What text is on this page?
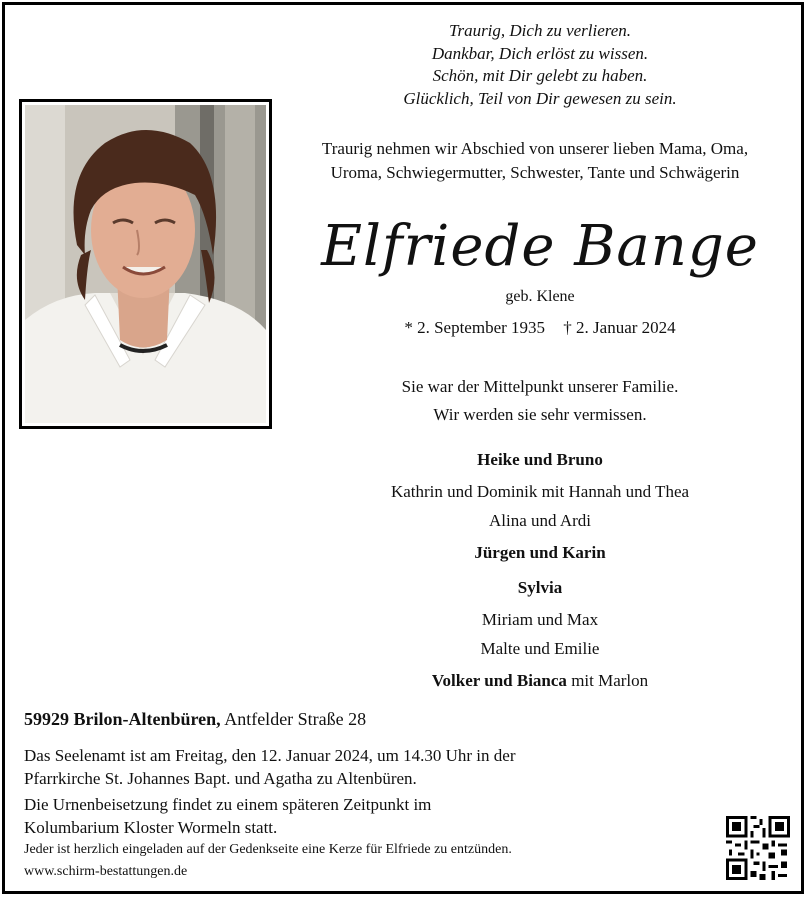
Traurig, Dich zu verlieren.
Dankbar, Dich erlöst zu wissen.
Schön, mit Dir gelebt zu haben.
Glücklich, Teil von Dir gewesen zu sein.
Traurig nehmen wir Abschied von unserer lieben Mama, Oma,
Uroma, Schwiegermutter, Schwester, Tante und Schwägerin
Elfriede Bange
geb. Klene
* 2. September 1935 † 2. Januar 2024
Sie war der Mittelpunkt unserer Familie.
Wir werden sie sehr vermissen.
Heike und Bruno
Kathrin und Dominik mit Hannah und Thea
Alina und Ardi
Jürgen und Karin
Sylvia
Miriam und Max
Malte und Emilie
Volker und Bianca mit Marlon
59929 Brilon-Altenbüren, Antfelder Straße 28

Das Seelenamt ist am Freitag, den 12. Januar 2024, um 14.30 Uhr in der
Pfarrkirche St. Johannes Bapt. und Agatha zu Altenbüren.

Die Urnenbeisetzung findet zu einem späteren Zeitpunkt im
Kolumbarium Kloster Wormeln statt.

Jeder ist herzlich eingeladen auf der Gedenkseite eine Kerze für Elfriede zu entzünden.
www.schirm-bestattungen.de
